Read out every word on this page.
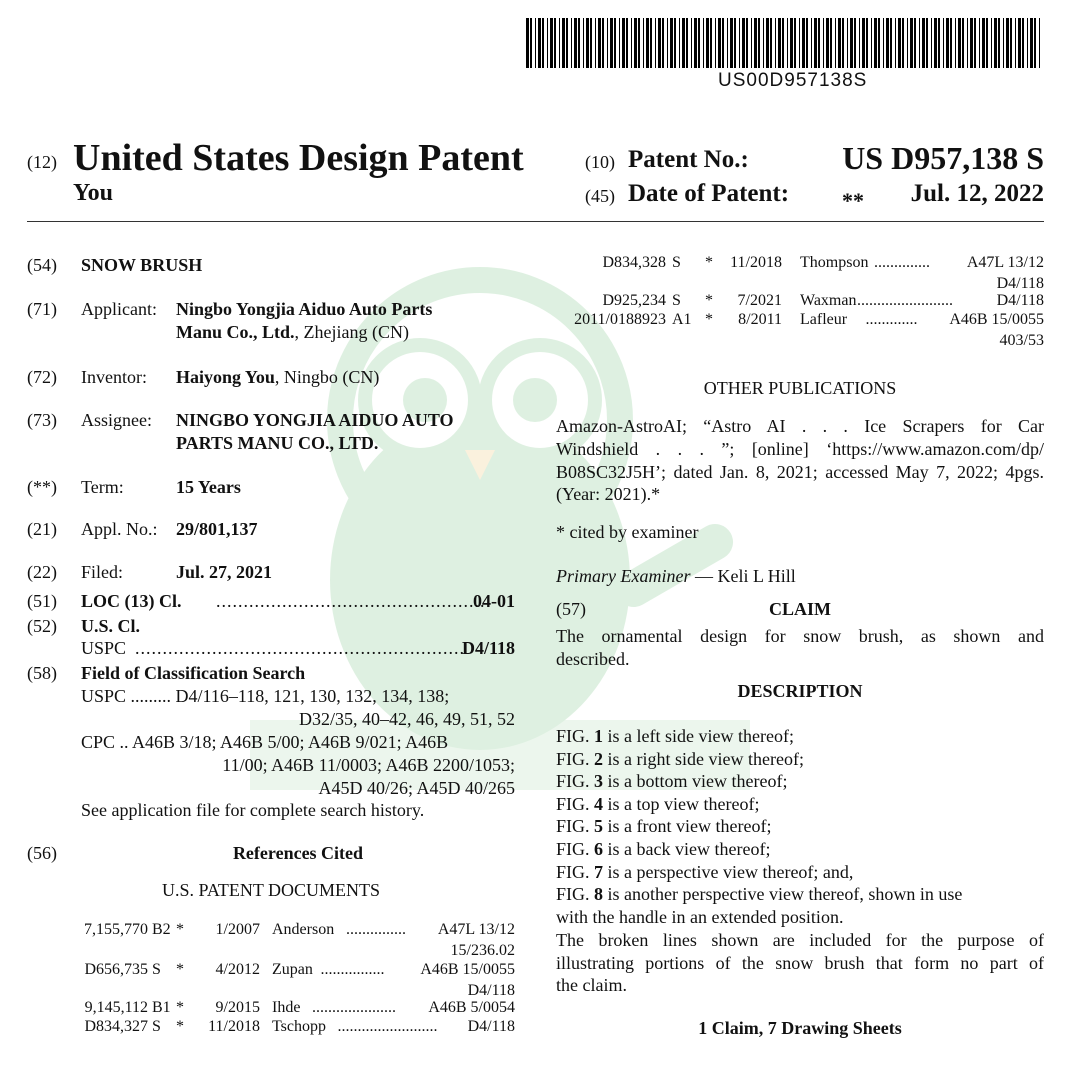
US00D957138S
(12) United States Design Patent
You
(10) Patent No.:	US D957,138 S
(45) Date of Patent: **	Jul. 12, 2022
(54) SNOW BRUSH
(71) Applicant: Ningbo Yongjia Aiduo Auto Parts
Manu Co., Ltd., Zhejiang (CN)
(72) Inventor: Haiyong You, Ningbo (CN)
(73) Assignee: NINGBO YONGJIA AIDUO AUTO
PARTS MANU CO., LTD.
(**) Term:	15 Years
(21) Appl. No.: 29/801,137
(22) Filed:	Jul. 27, 2021
(51) LOC (13) Cl. .................................................
04-01
(52) U.S. Cl.
USPC ............................................................
D4/118
(58) Field of Classification Search
USPC ......... D4/116–118, 121, 130, 132, 134, 138;
D32/35, 40–42, 46, 49, 51, 52
CPC .. A46B 3/18; A46B 5/00; A46B 9/021; A46B
11/00; A46B 11/0003; A46B 2200/1053;
A45D 40/26; A45D 40/265
See application file for complete search history.
(56)	References Cited
U.S. PATENT DOCUMENTS
7,155,770 B2 *	1/2007 Anderson ...............	A47L 13/12
15/236.02
D656,735 S *	4/2012 Zupan ................	A46B 15/0055
D4/118
9,145,112 B1 *	9/2015 Ihde .....................	A46B 5/0054
D834,327 S *	11/2018 Tschopp .........................	D4/118
D834,328 S *	11/2018 Thompson ..............	A47L 13/12
D4/118
D925,234 S *	7/2021 Waxman ........................	D4/118
2011/0188923 A1 *	8/2011 Lafleur .............	A46B 15/0055
403/53
OTHER PUBLICATIONS
Amazon-AstroAI; “Astro AI . . . Ice Scrapers for Car
Windshield . . . ”; [online] ‘https://www.amazon.com/dp/
B08SC32J5H’; dated Jan. 8, 2021; accessed May 7, 2022; 4pgs.
(Year: 2021).*
* cited by examiner
Primary Examiner — Keli L Hill
(57)	CLAIM
The ornamental design for snow brush, as shown and
described.
DESCRIPTION
FIG. 1 is a left side view thereof;
FIG. 2 is a right side view thereof;
FIG. 3 is a bottom view thereof;
FIG. 4 is a top view thereof;
FIG. 5 is a front view thereof;
FIG. 6 is a back view thereof;
FIG. 7 is a perspective view thereof; and,
FIG. 8 is another perspective view thereof, shown in use
with the handle in an extended position.
The broken lines shown are included for the purpose of
illustrating portions of the snow brush that form no part of
the claim.
1 Claim, 7 Drawing Sheets
